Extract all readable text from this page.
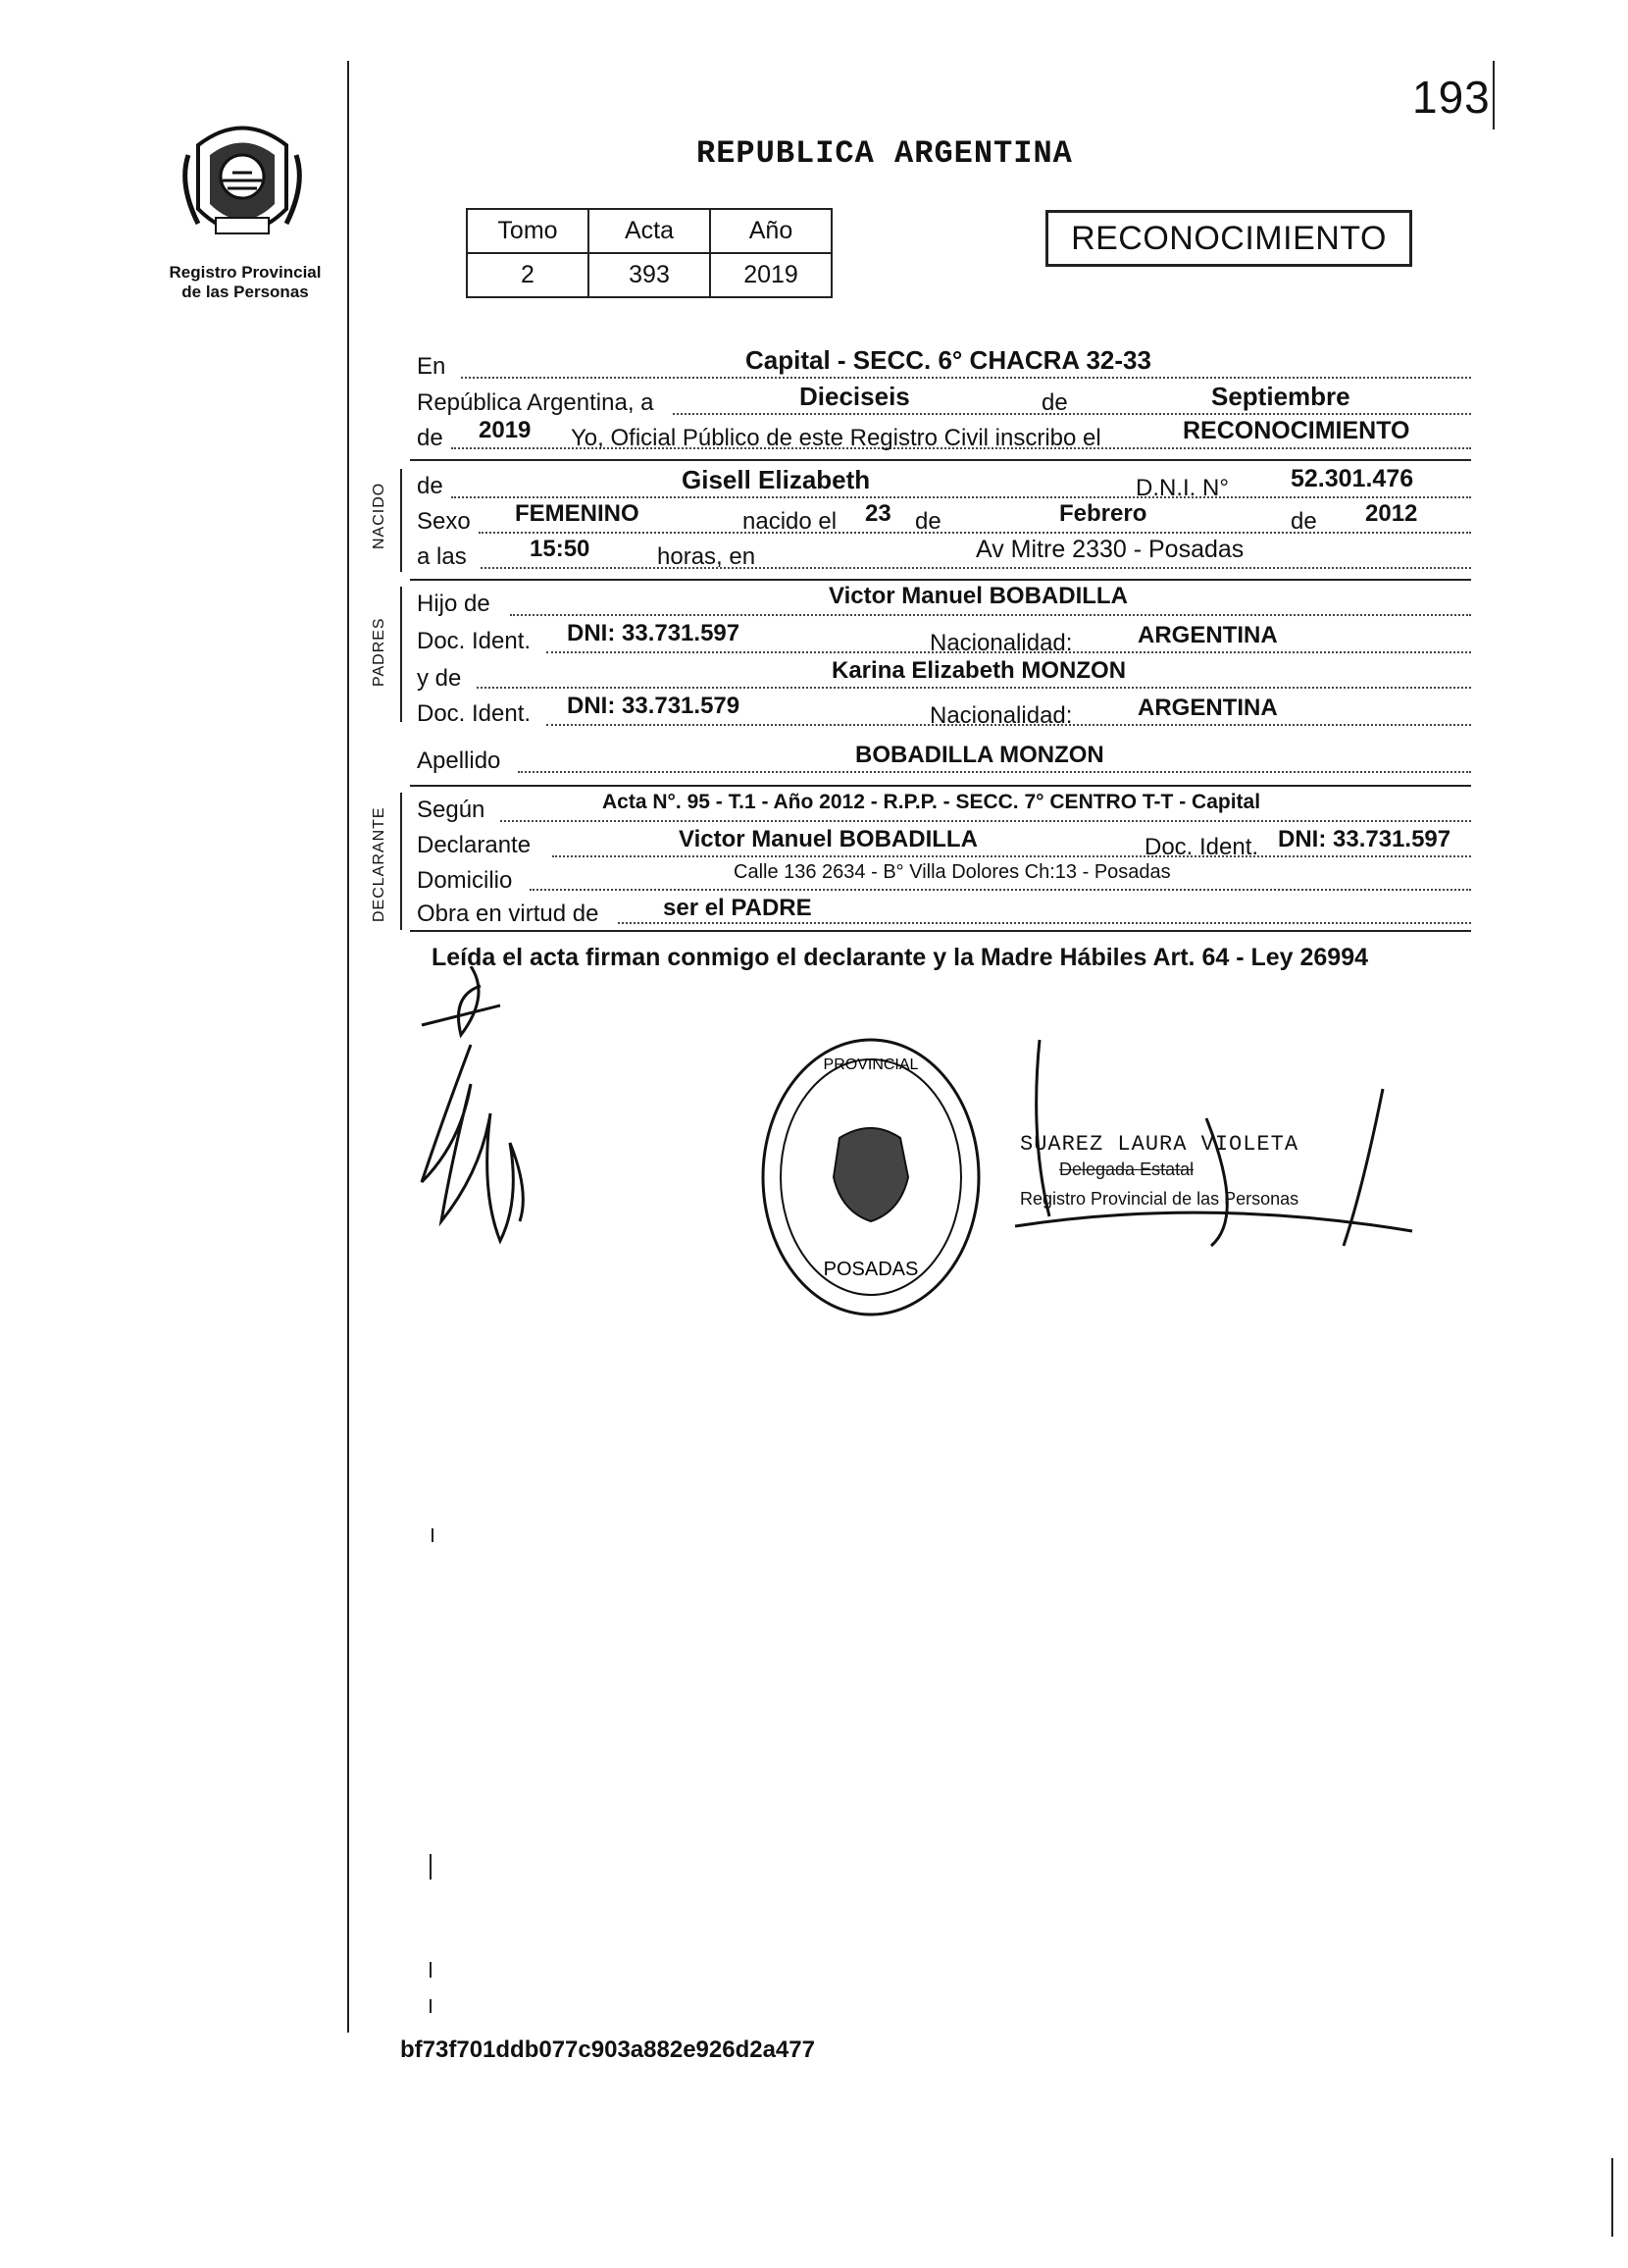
Registro Provincial
de las Personas
193
REPUBLICA ARGENTINA
Tomo	Acta	Año
2	393	2019
RECONOCIMIENTO
En	Capital - SECC. 6° CHACRA 32-33
República Argentina, a	Dieciseis	de	Septiembre
de 2019 Yo, Oficial Público de este Registro Civil inscribo el	RECONOCIMIENTO
NACIDO de	Gisell Elizabeth	D.N.I. N°	52.301.476
Sexo FEMENINO	nacido el 23 de	Febrero	de 2012
a las	15:50	horas, en	Av Mitre 2330 - Posadas
PADRES
Hijo de	Victor Manuel BOBADILLA
Doc. Ident. DNI: 33.731.597	Nacionalidad:	ARGENTINA
y de	Karina Elizabeth MONZON
Doc. Ident. DNI: 33.731.579	Nacionalidad:	ARGENTINA
Apellido	BOBADILLA MONZON
DECLARANTE Según	Acta N°. 95 - T.1 - Año 2012 - R.P.P. - SECC. 7° CENTRO T-T - Capital
Declarante	Victor Manuel BOBADILLA	Doc. Ident. DNI: 33.731.597
Domicilio	Calle 136 2634 - B° Villa Dolores Ch:13 - Posadas
Obra en virtud de	ser el PADRE
Leída el acta firman conmigo el declarante y la Madre Hábiles Art. 64 - Ley 26994
POSADAS
PROVINCIAL
SUAREZ LAURA VIOLETA
Delegada Estatal
Registro Provincial de las Personas
bf73f701ddb077c903a882e926d2a477
